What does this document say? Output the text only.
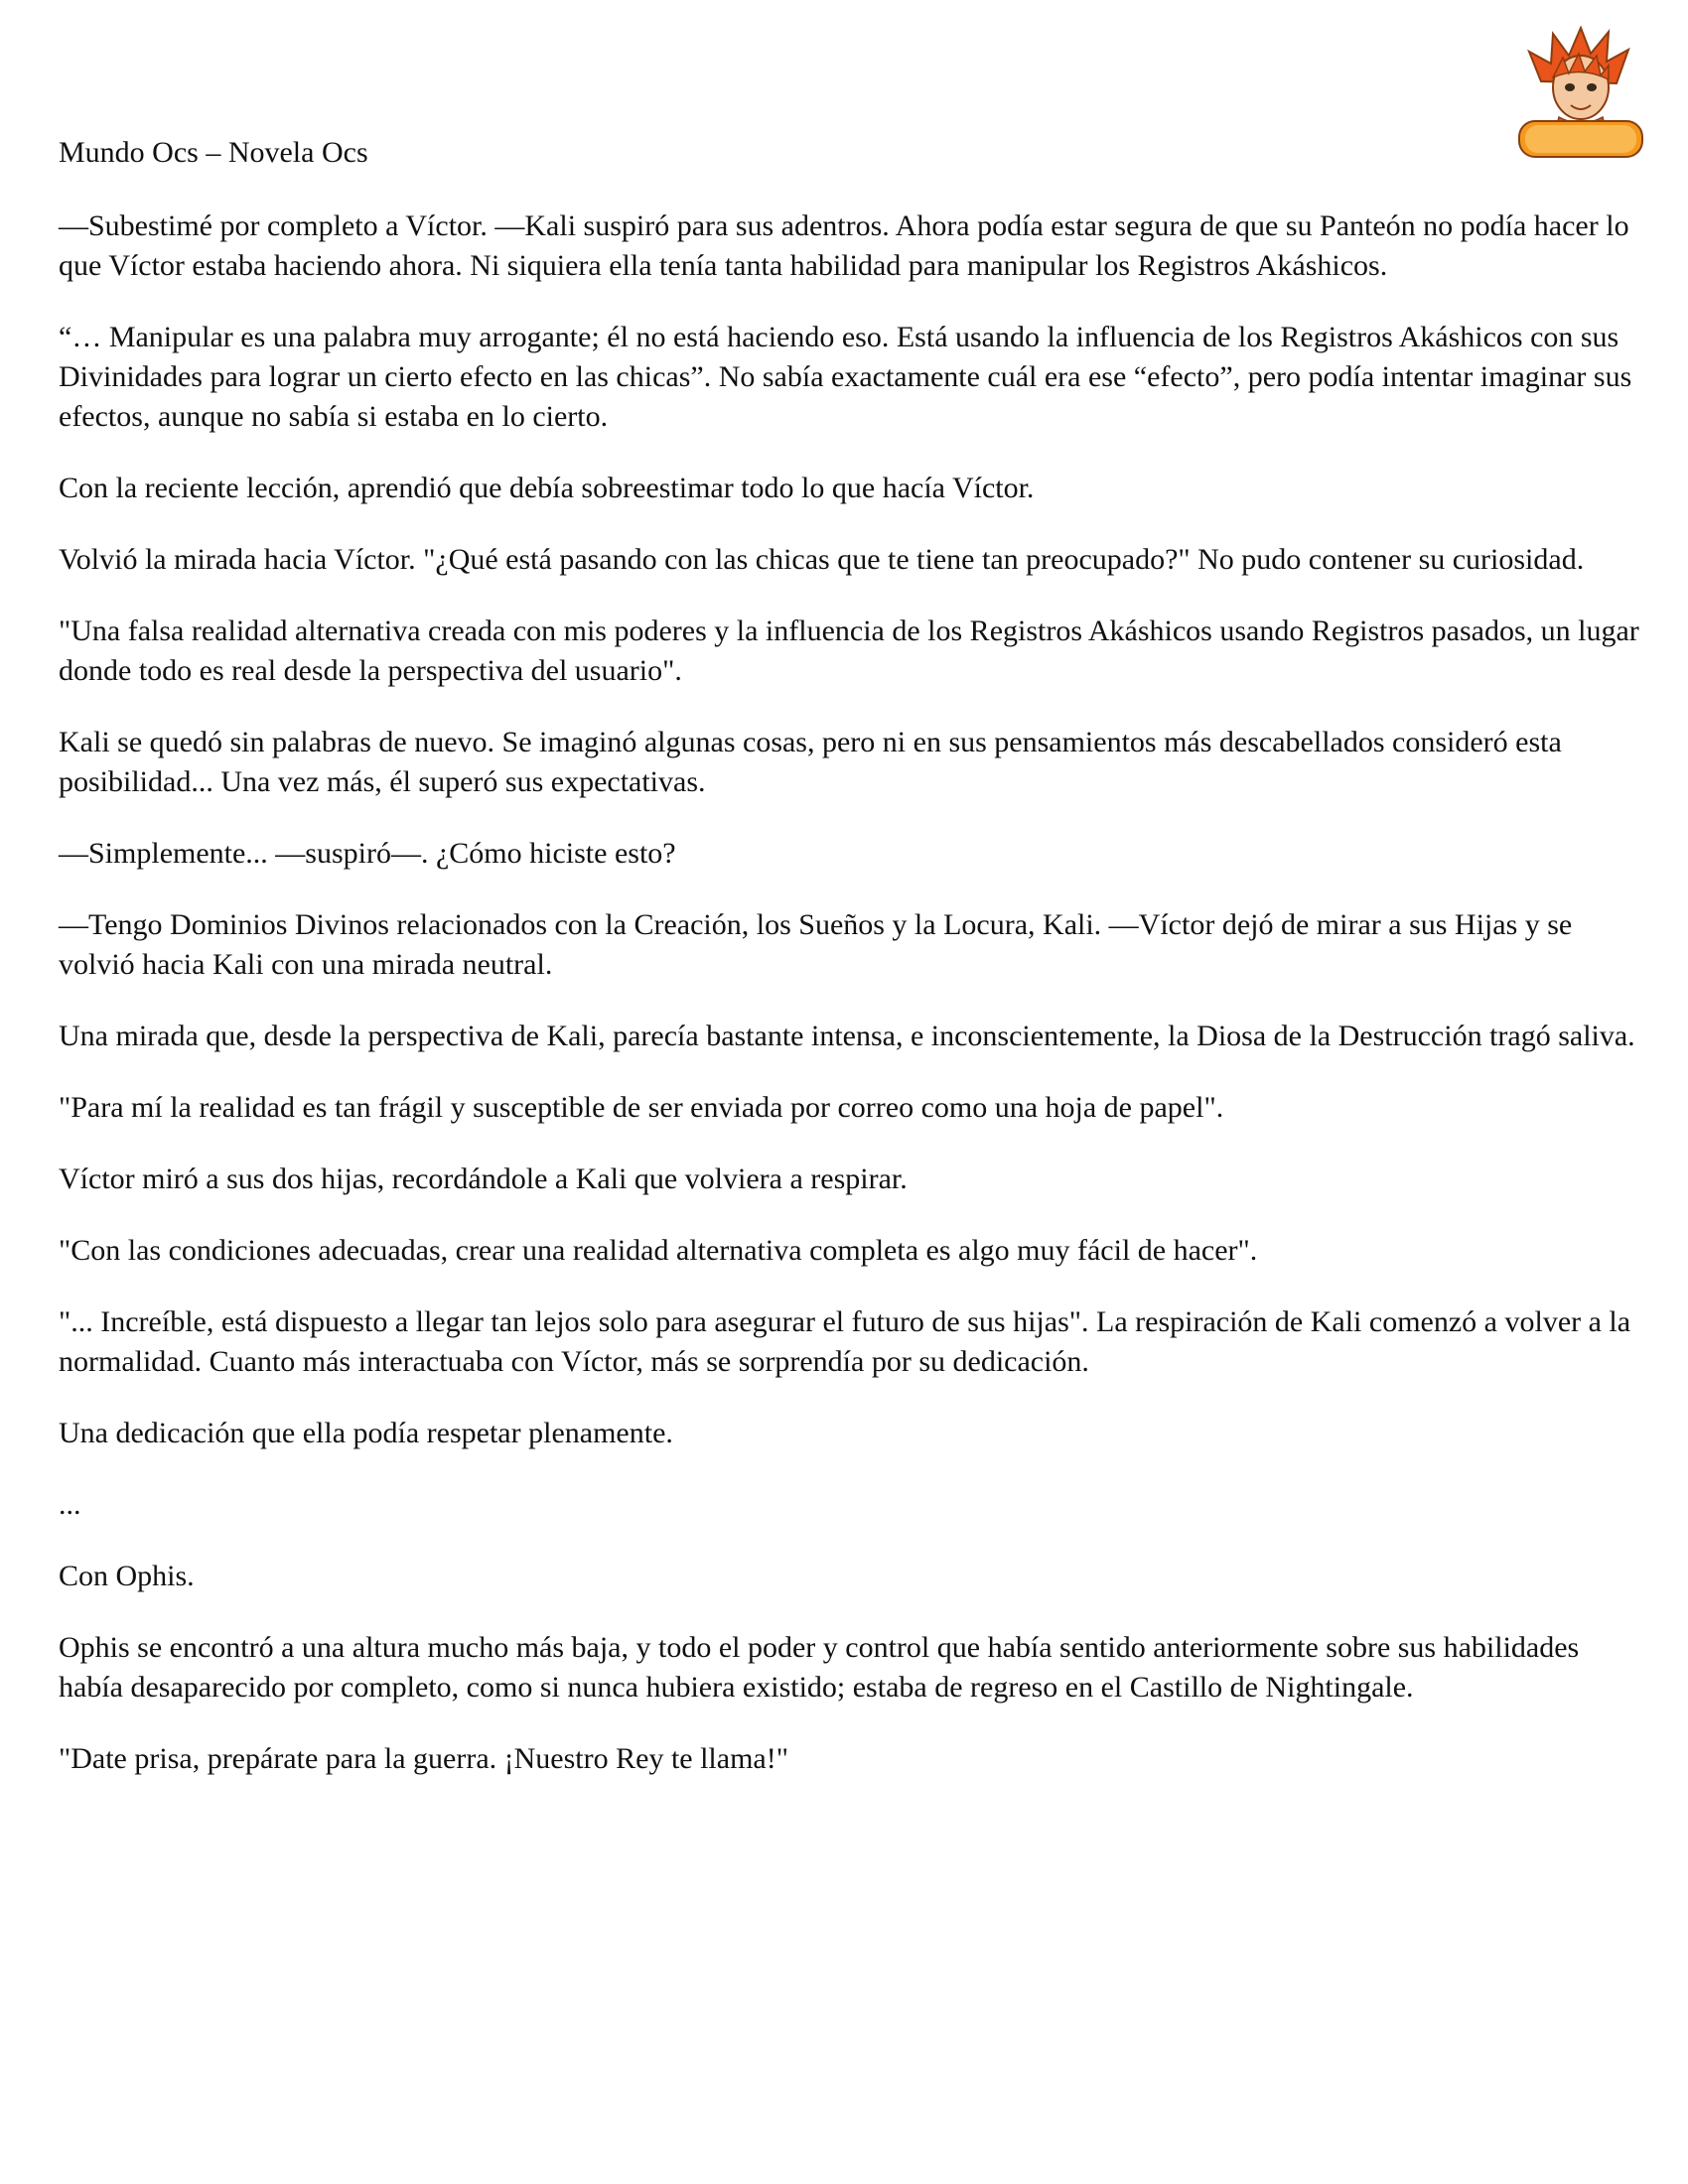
Mundo Ocs – Novela Ocs

—Subestimé por completo a Víctor. —Kali suspiró para sus adentros. Ahora podía estar segura de que su Panteón no podía hacer lo que Víctor estaba haciendo ahora. Ni siquiera ella tenía tanta habilidad para manipular los Registros Akáshicos.

“… Manipular es una palabra muy arrogante; él no está haciendo eso. Está usando la influencia de los Registros Akáshicos con sus Divinidades para lograr un cierto efecto en las chicas”. No sabía exactamente cuál era ese “efecto”, pero podía intentar imaginar sus efectos, aunque no sabía si estaba en lo cierto.

Con la reciente lección, aprendió que debía sobreestimar todo lo que hacía Víctor.

Volvió la mirada hacia Víctor. "¿Qué está pasando con las chicas que te tiene tan preocupado?" No pudo contener su curiosidad.

"Una falsa realidad alternativa creada con mis poderes y la influencia de los Registros Akáshicos usando Registros pasados, un lugar donde todo es real desde la perspectiva del usuario".

Kali se quedó sin palabras de nuevo. Se imaginó algunas cosas, pero ni en sus pensamientos más descabellados consideró esta posibilidad... Una vez más, él superó sus expectativas.

—Simplemente... —suspiró—. ¿Cómo hiciste esto?

—Tengo Dominios Divinos relacionados con la Creación, los Sueños y la Locura, Kali. —Víctor dejó de mirar a sus Hijas y se volvió hacia Kali con una mirada neutral.

Una mirada que, desde la perspectiva de Kali, parecía bastante intensa, e inconscientemente, la Diosa de la Destrucción tragó saliva.

"Para mí la realidad es tan frágil y susceptible de ser enviada por correo como una hoja de papel".

Víctor miró a sus dos hijas, recordándole a Kali que volviera a respirar.

"Con las condiciones adecuadas, crear una realidad alternativa completa es algo muy fácil de hacer".

"... Increíble, está dispuesto a llegar tan lejos solo para asegurar el futuro de sus hijas". La respiración de Kali comenzó a volver a la normalidad. Cuanto más interactuaba con Víctor, más se sorprendía por su dedicación.

Una dedicación que ella podía respetar plenamente.

...

Con Ophis.

Ophis se encontró a una altura mucho más baja, y todo el poder y control que había sentido anteriormente sobre sus habilidades había desaparecido por completo, como si nunca hubiera existido; estaba de regreso en el Castillo de Nightingale.

"Date prisa, prepárate para la guerra. ¡Nuestro Rey te llama!"
